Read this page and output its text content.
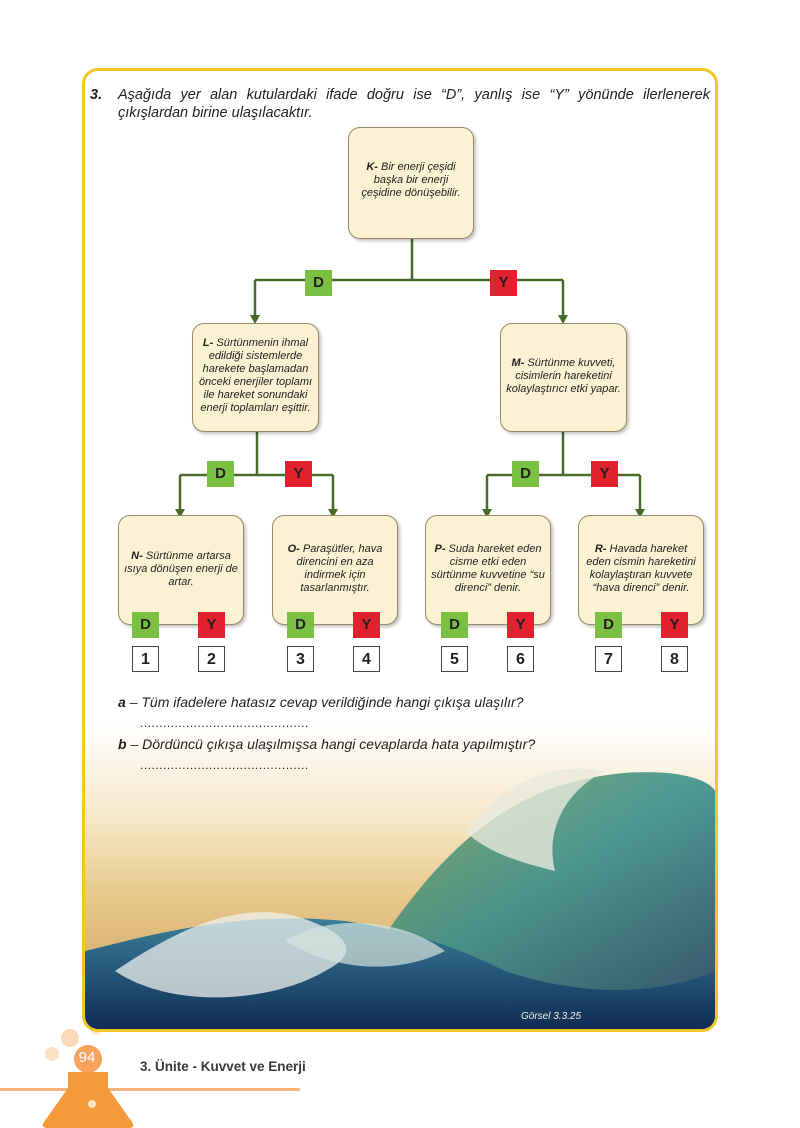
94
3. Ünite - Kuvvet ve Enerji
3. Aşağıda yer alan kutulardaki ifade doğru ise “D”, yanlış ise “Y” yönünde ilerlenerek çıkışlardan birine ulaşılacaktır.
K- Bir enerji çeşidi başka bir enerji çeşidine dönüşebilir.
D	Y
L- Sürtünmenin ihmal edildiği sistemlerde harekete başlamadan önceki enerjiler toplamı ile hareket sonundaki enerji toplamları eşittir.
M- Sürtünme kuvveti, cisimlerin hareketini kolaylaştırıcı etki yapar.
D	Y	D	Y
N- Sürtünme artarsa ısıya dönüşen enerji de artar.
O- Paraşütler, hava direncini en aza indirmek için tasarlanmıştır.
P- Suda hareket eden cisme etki eden sürtünme kuvvetine “su direnci” denir.
R- Havada hareket eden cismin hareketini kolaylaştıran kuvvete “hava direnci” denir.
D	Y	D	Y	D	Y	D	Y
1	2	3	4	5	6	7	8
a – Tüm ifadelere hatasız cevap verildiğinde hangi çıkışa ulaşılır?
............................................
b – Dördüncü çıkışa ulaşılmışsa hangi cevaplarda hata yapılmıştır?
............................................
Görsel 3.3.25
